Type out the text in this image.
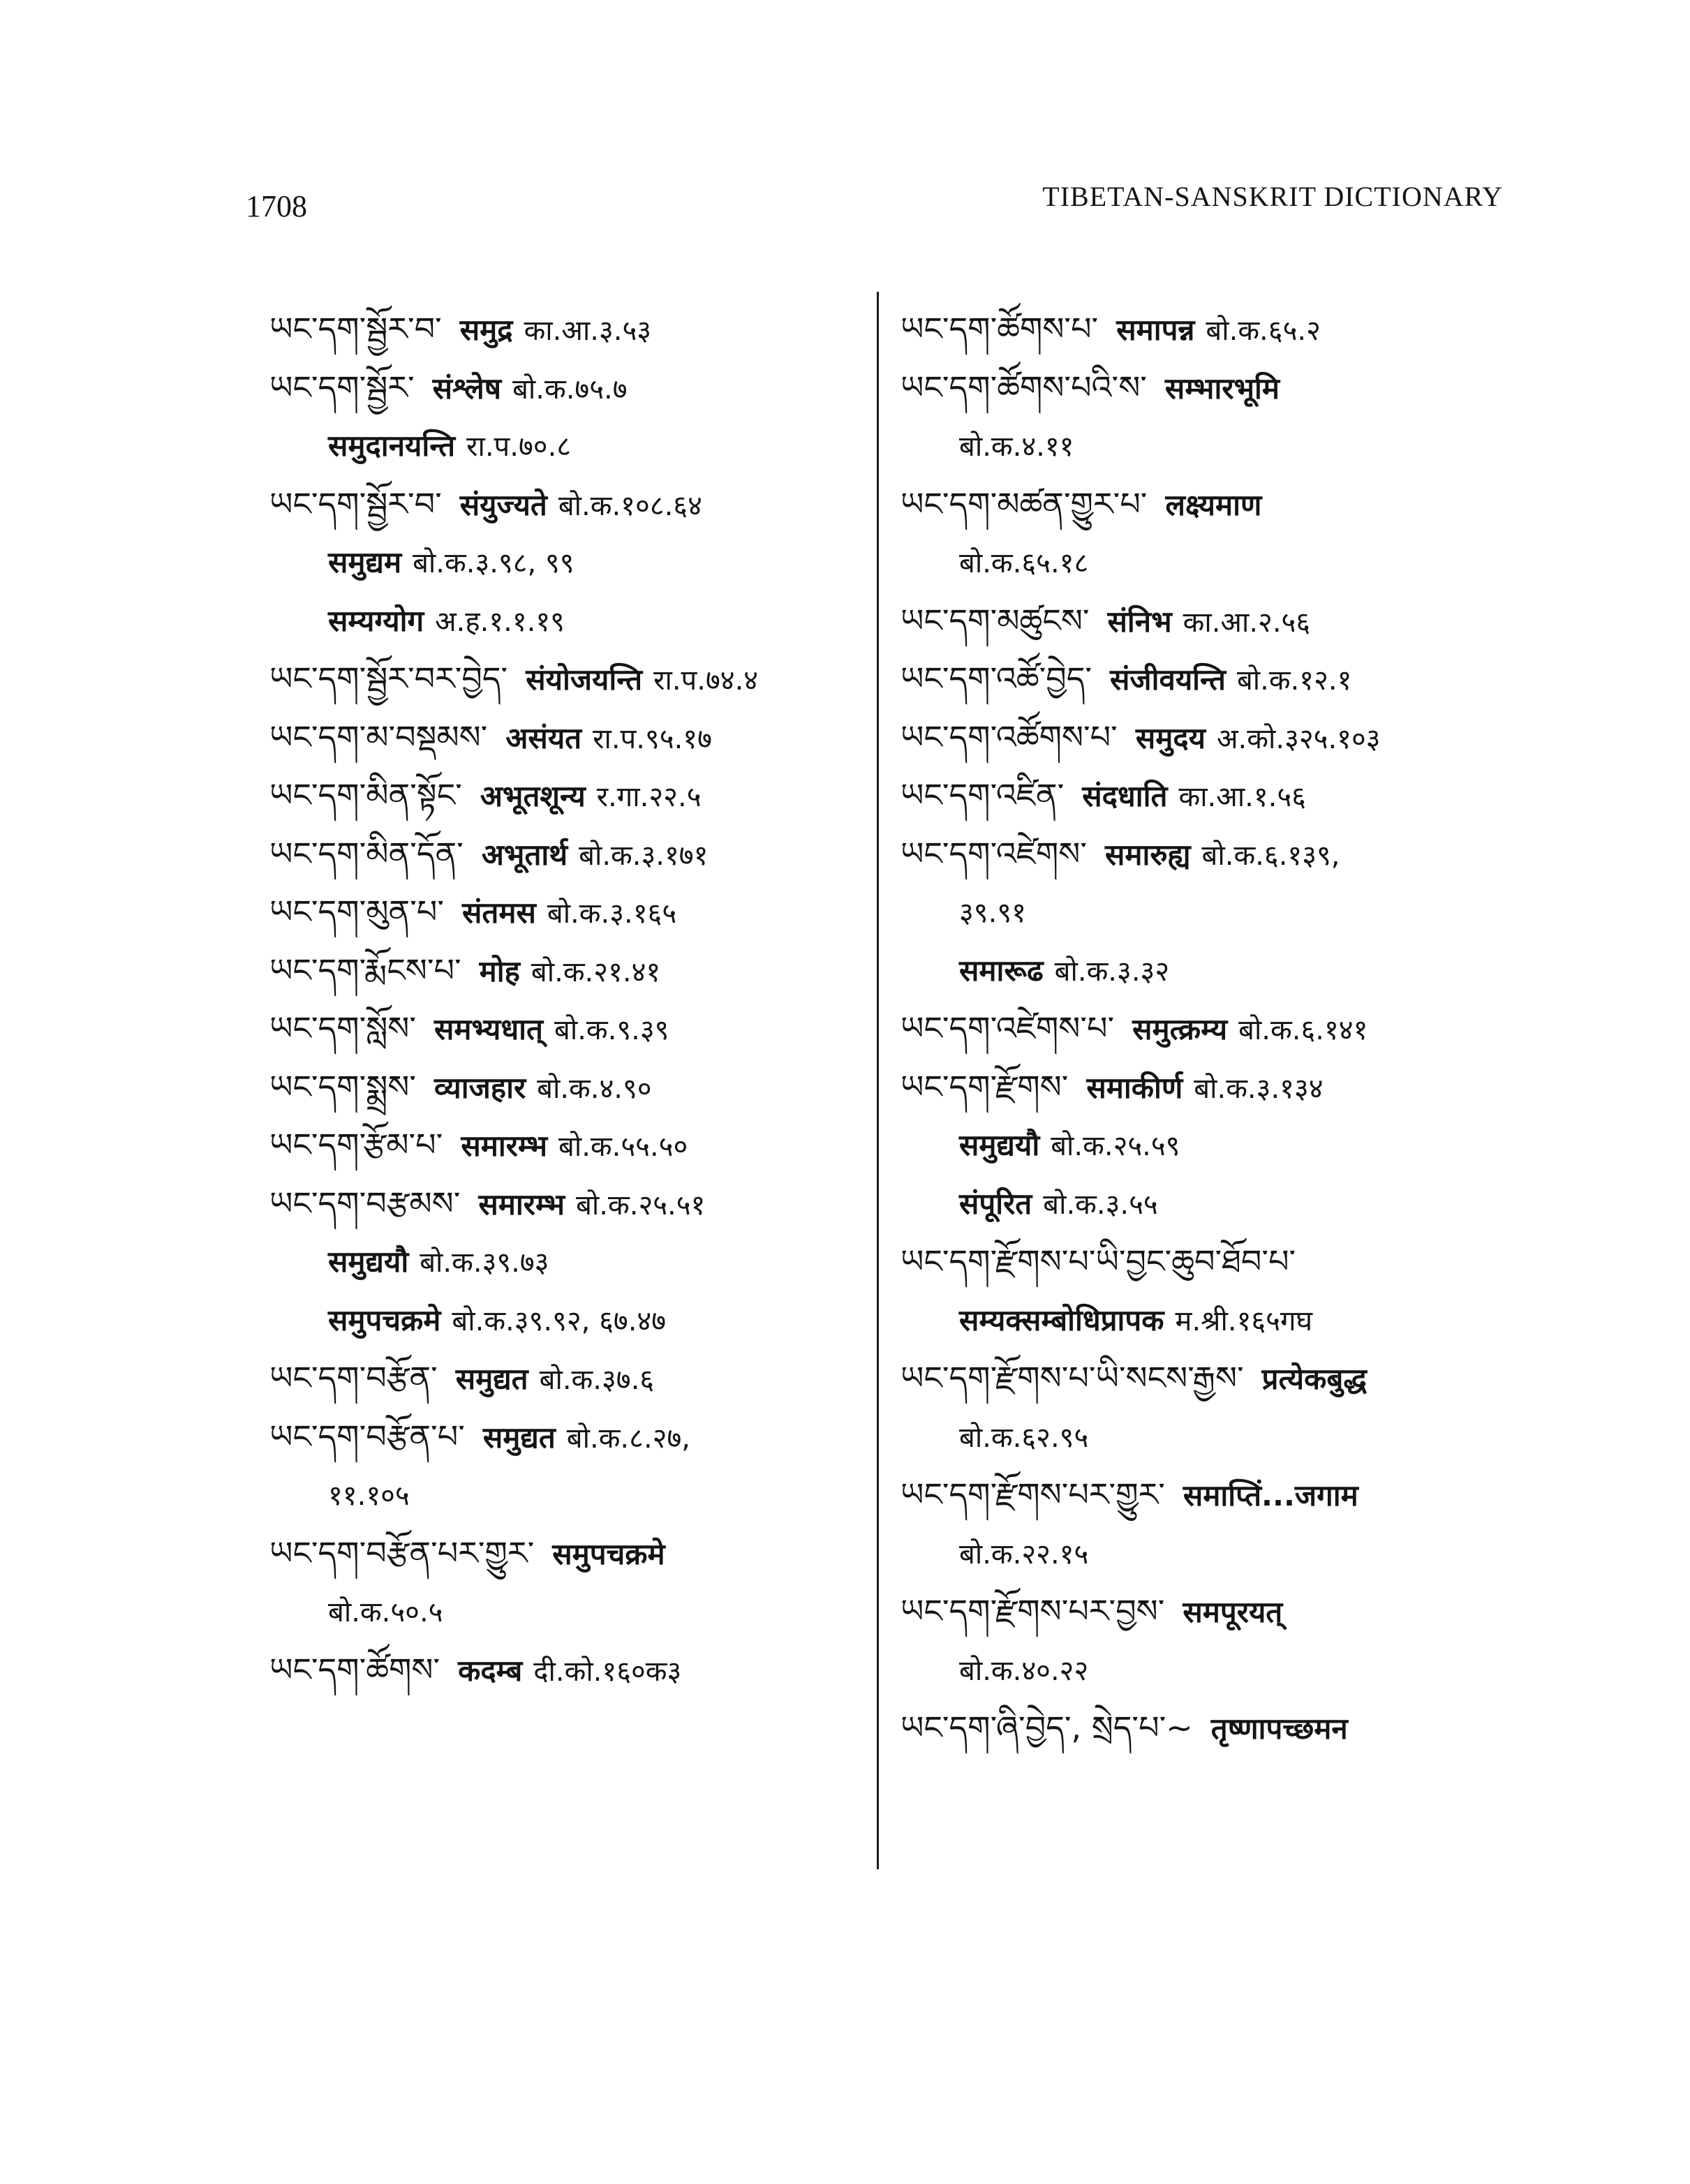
1708	TIBETAN-SANSKRIT DICTIONARY
ཡང་དག་སྦྱོར་བ་ समुद्र का.आ.३.५३
ཡང་དག་སྦྱོར་ संश्लेष बो.क.७५.७
समुदानयन्ति रा.प.७०.८
ཡང་དག་སྦྱོར་བ་ संयुज्यते बो.क.१०८.६४
समुद्यम बो.क.३.९८, ९९
सम्यग्योग अ.ह.१.१.१९
ཡང་དག་སྦྱོར་བར་བྱེད་ संयोजयन्ति रा.प.७४.४
ཡང་དག་མ་བསྡམས་ असंयत रा.प.९५.१७
ཡང་དག་མིན་སྟོང་ अभूतशून्य र.गा.२२.५
ཡང་དག་མིན་དོན་ अभूतार्थ बो.क.३.१७१
ཡང་དག་མུན་པ་ संतमस बो.क.३.१६५
ཡང་དག་རྨོངས་པ་ मोह बो.क.२१.४१
ཡང་དག་སློས་ समभ्यधात् बो.क.९.३९
ཡང་དག་སྨྲས་ व्याजहार बो.क.४.९०
ཡང་དག་རྩོམ་པ་ समारम्भ बो.क.५५.५०
ཡང་དག་བརྩམས་ समारम्भ बो.क.२५.५१
समुद्ययौ बो.क.३९.७३
समुपचक्रमे बो.क.३९.९२, ६७.४७
ཡང་དག་བརྩོན་ समुद्यत बो.क.३७.६
ཡང་དག་བརྩོན་པ་ समुद्यत बो.क.८.२७,
११.१०५
ཡང་དག་བརྩོན་པར་གྱུར་ समुपचक्रमे
बो.क.५०.५
ཡང་དག་ཚོགས་ कदम्ब दी.को.१६०क३
ཡང་དག་ཚོགས་པ་ समापन्न बो.क.६५.२
ཡང་དག་ཚོགས་པའི་ས་ सम्भारभूमि
बो.क.४.११
ཡང་དག་མཚན་གྱུར་པ་ लक्ष्यमाण
बो.क.६५.१८
ཡང་དག་མཚུངས་ संनिभ का.आ.२.५६
ཡང་དག་འཚོ་བྱེད་ संजीवयन्ति बो.क.१२.१
ཡང་དག་འཚོགས་པ་ समुदय अ.को.३२५.१०३
ཡང་དག་འཛིན་ संदधाति का.आ.१.५६
ཡང་དག་འཛེགས་ समारुह्य बो.क.६.१३९,
३९.९१
समारूढ बो.क.३.३२
ཡང་དག་འཛེགས་པ་ समुत्क्रम्य बो.क.६.१४१
ཡང་དག་རྫོགས་ समाकीर्ण बो.क.३.१३४
समुद्ययौ बो.क.२५.५९
संपूरित बो.क.३.५५
ཡང་དག་རྫོགས་པ་ཡི་བྱང་ཆུབ་ཐོབ་པ་
सम्यक्सम्बोधिप्रापक म.श्री.१६५गघ
ཡང་དག་རྫོགས་པ་ཡི་སངས་རྒྱས་ प्रत्येकबुद्ध
बो.क.६२.९५
ཡང་དག་རྫོགས་པར་གྱུར་ समाप्तिं...जगाम
बो.क.२२.१५
ཡང་དག་རྫོགས་པར་བྱས་ समपूरयत्
बो.क.४०.२२
ཡང་དག་ཞི་བྱེད་, སྲེད་པ་~ तृष्णापच्छमन
